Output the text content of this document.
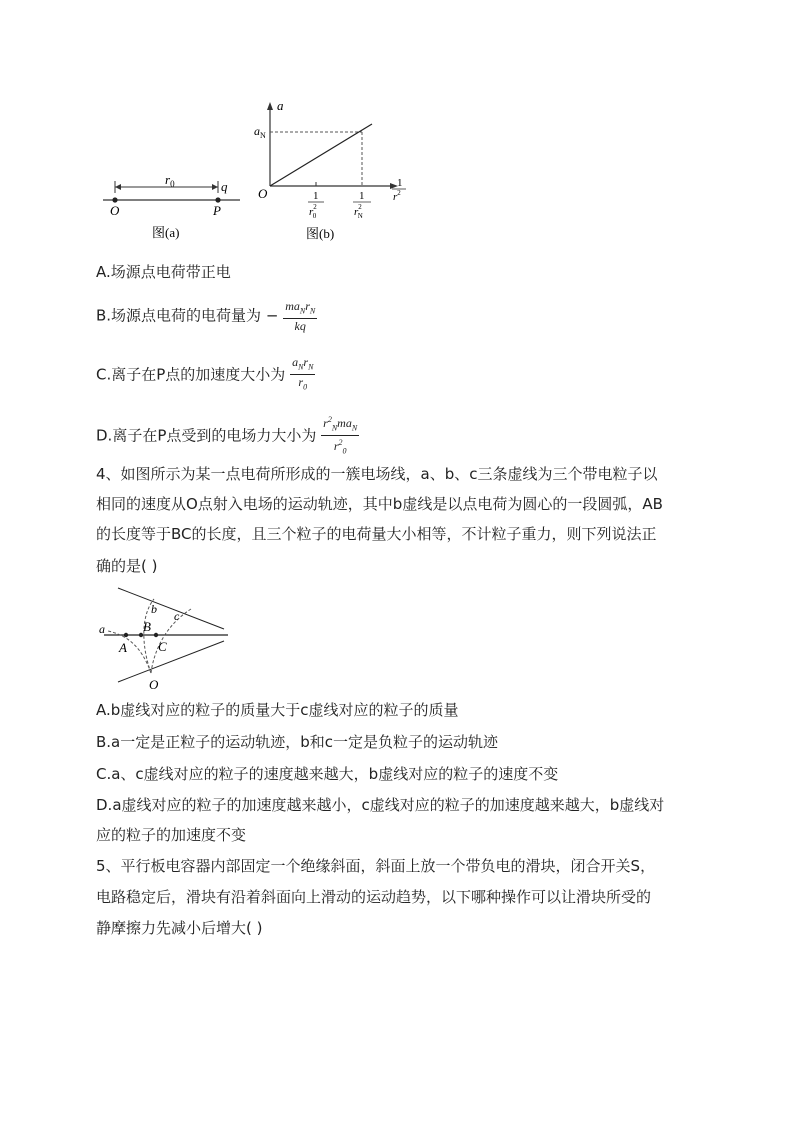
$r_0$	q
O	P
图(a)
a
$a_N$
O	1
$r^2$ 0
1
$r^2$ N
1
$r^2$
图(b)
A.场源点电荷带正电
B.场源点电荷的电荷量为 − $\frac{ma_Nr_N}{kq}$
C.离子在P点的加速度大小为 $\frac{a_Nr_N}{r_0}$
D.离子在P点受到的电场力大小为 $\frac{r^2_Nma_N}{r^2_0}$
4、如图所示为某一点电荷所形成的一簇电场线，a、b、c三条虚线为三个带电粒子以
相同的速度从O点射入电场的运动轨迹，其中b虚线是以点电荷为圆心的一段圆弧，AB
的长度等于BC的长度，且三个粒子的电荷量大小相等，不计粒子重力，则下列说法正
确的是( )
a
b c
A
B
C
O
A.b虚线对应的粒子的质量大于c虚线对应的粒子的质量
B.a一定是正粒子的运动轨迹，b和c一定是负粒子的运动轨迹
C.a、c虚线对应的粒子的速度越来越大，b虚线对应的粒子的速度不变
D.a虚线对应的粒子的加速度越来越小，c虚线对应的粒子的加速度越来越大，b虚线对
应的粒子的加速度不变
5、平行板电容器内部固定一个绝缘斜面，斜面上放一个带负电的滑块，闭合开关S，
电路稳定后，滑块有沿着斜面向上滑动的运动趋势，以下哪种操作可以让滑块所受的
静摩擦力先减小后增大( )
